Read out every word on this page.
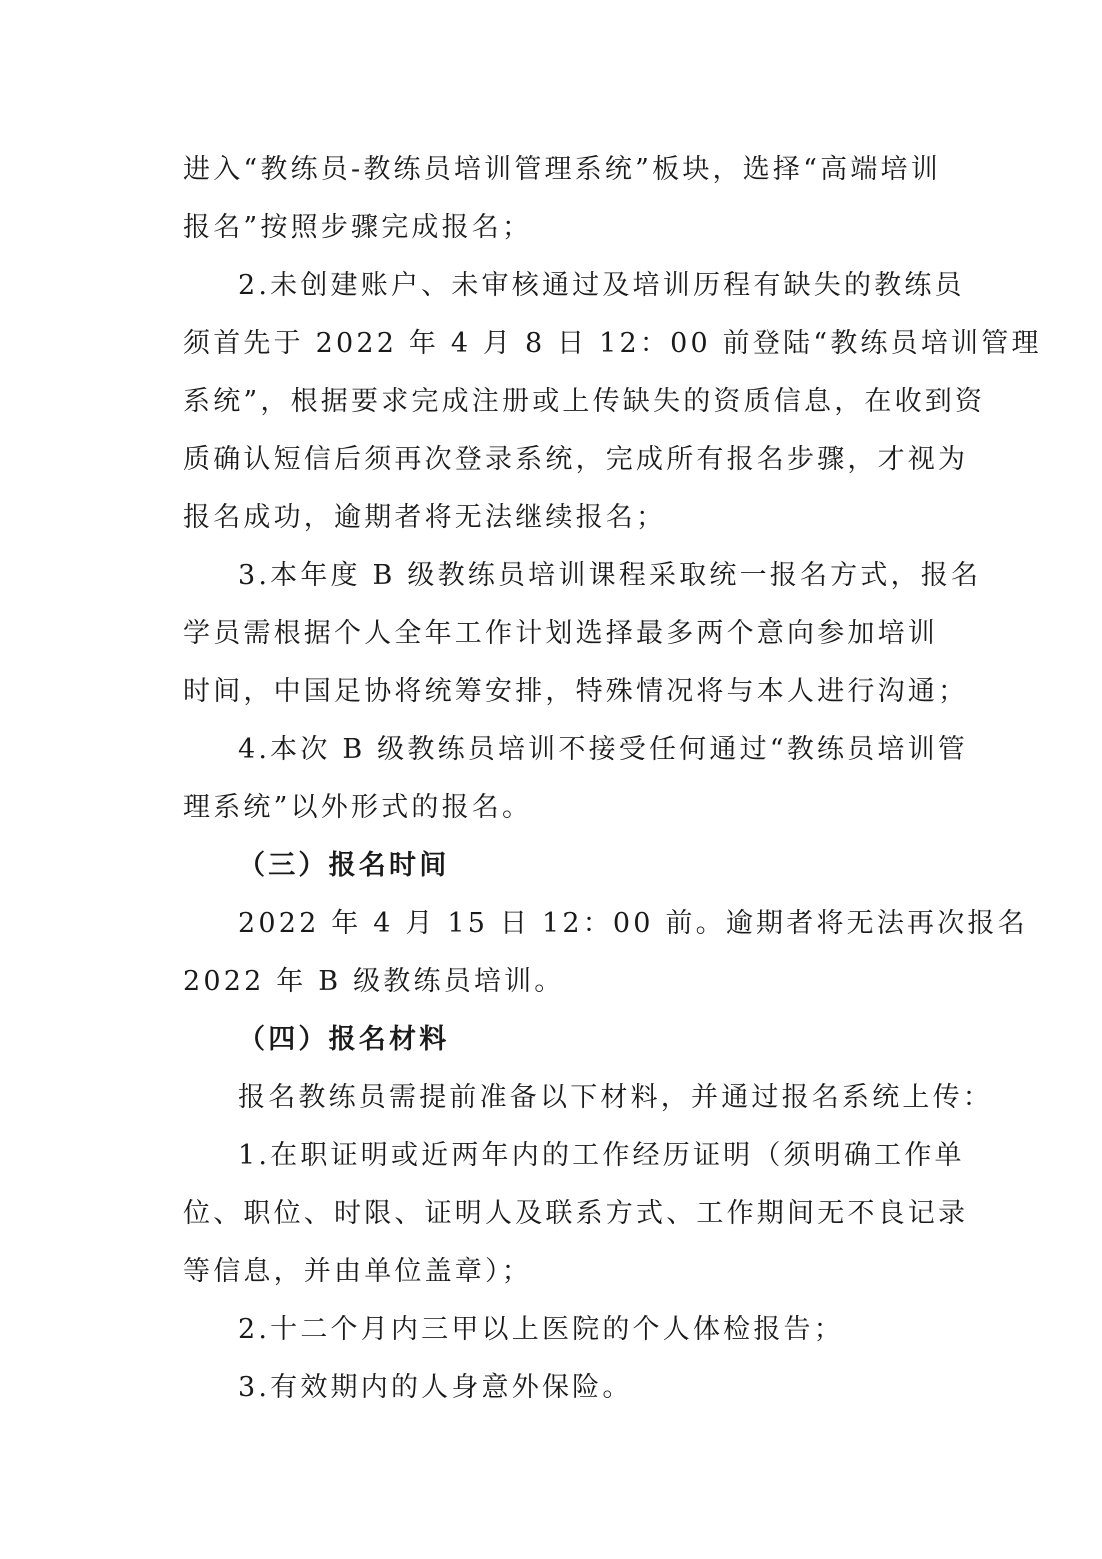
进入“教练员-教练员培训管理系统”板块，选择“高端培训
报名”按照步骤完成报名；
2.未创建账户、未审核通过及培训历程有缺失的教练员
须首先于 2022 年 4 月 8 日 12：00 前登陆“教练员培训管理
系统”，根据要求完成注册或上传缺失的资质信息，在收到资
质确认短信后须再次登录系统，完成所有报名步骤，才视为
报名成功，逾期者将无法继续报名；
3.本年度 B 级教练员培训课程采取统一报名方式，报名
学员需根据个人全年工作计划选择最多两个意向参加培训
时间，中国足协将统筹安排，特殊情况将与本人进行沟通；
4.本次 B 级教练员培训不接受任何通过“教练员培训管
理系统”以外形式的报名。
（三）报名时间
2022 年 4 月 15 日 12：00 前。逾期者将无法再次报名
2022 年 B 级教练员培训。
（四）报名材料
报名教练员需提前准备以下材料，并通过报名系统上传：
1.在职证明或近两年内的工作经历证明（须明确工作单
位、职位、时限、证明人及联系方式、工作期间无不良记录
等信息，并由单位盖章）；
2.十二个月内三甲以上医院的个人体检报告；
3.有效期内的人身意外保险。
